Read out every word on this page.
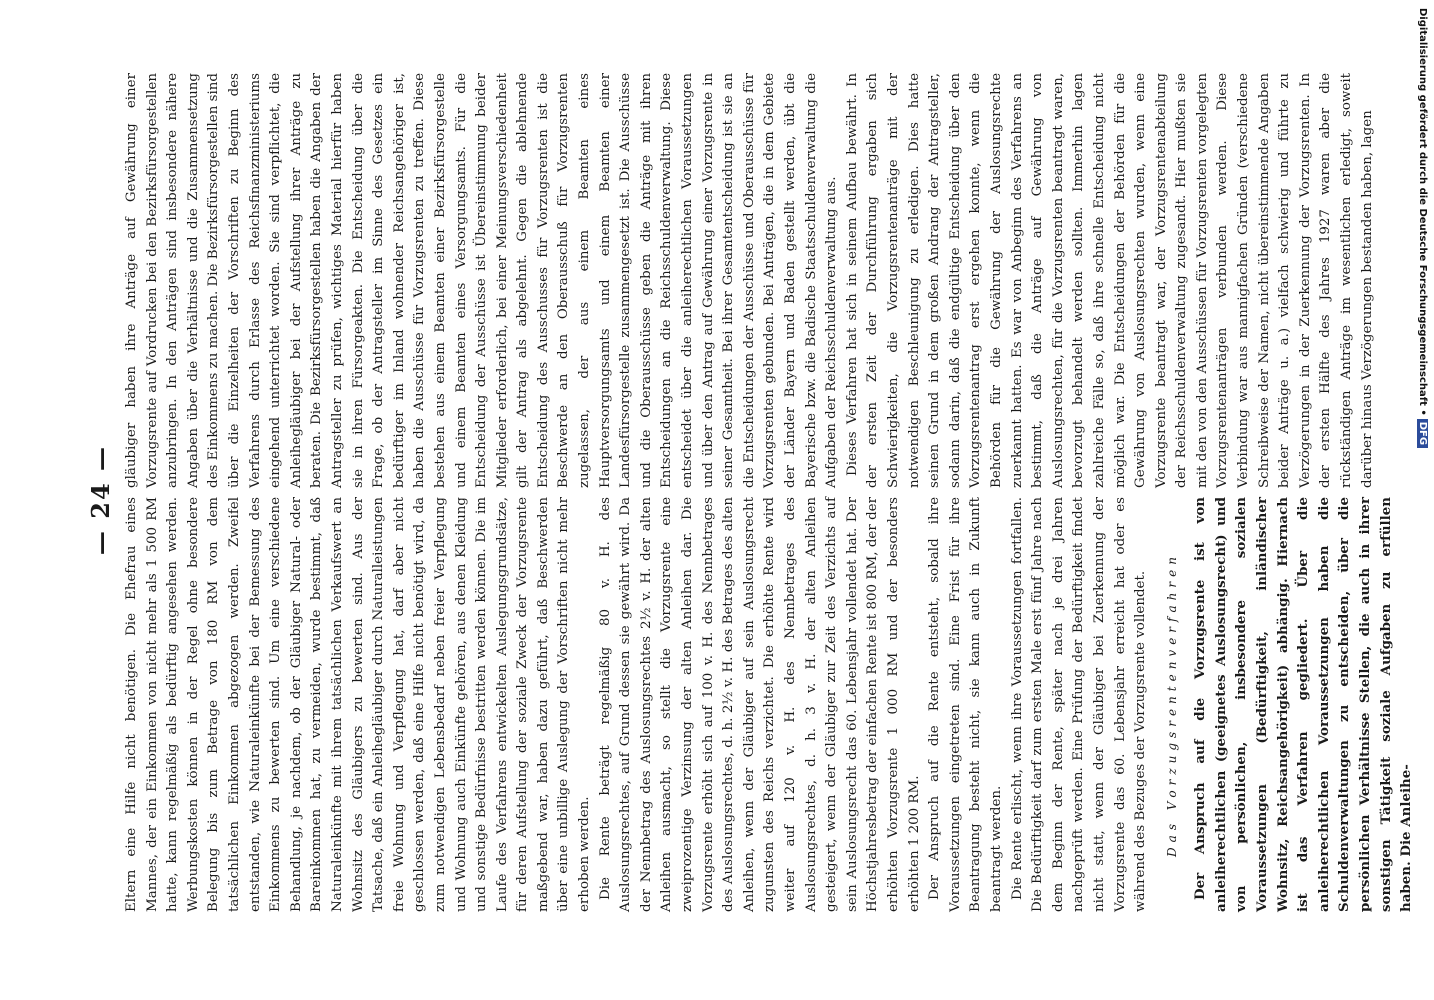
— 24 — Eltern eine Hilfe nicht benötigen. Die Ehefrau eines Mannes, der ein Einkommen von nicht mehr als 1 500 RM hatte, kann regelmäßig als bedürftig angesehen werden. Werbungskosten können in der Regel ohne besondere Belegung bis zum Betrage von 180 RM von dem tatsächlichen Einkommen abgezogen werden. Zweifel entstanden, wie Naturaleinkünfte bei der Bemessung des Einkommens zu bewerten sind. Um eine verschiedene Behandlung, je nachdem, ob der Gläubiger Natural- oder Bareinkommen hat, zu vermeiden, wurde bestimmt, daß Naturaleinkünfte mit ihrem tatsächlichen Verkaufswert an Wohnsitz des Gläubigers zu bewerten sind. Aus der Tatsache, daß ein Anleihegläubiger durch Naturalleistungen freie Wohnung und Verpflegung hat, darf aber nicht geschlossen werden, daß eine Hilfe nicht benötigt wird, da zum notwendigen Lebensbedarf neben freier Verpflegung und Wohnung auch Einkünfte gehören, aus denen Kleidung und sonstige Bedürfnisse bestritten werden können. Die im Laufe des Verfahrens entwickelten Auslegungsgrundsätze, für deren Aufstellung der soziale Zweck der Vorzugsrente maßgebend war, haben dazu geführt, daß Beschwerden über eine unbillige Auslegung der Vorschriften nicht mehr erhoben werden. Die Rente beträgt regelmäßig 80 v. H. des Auslosungsrechtes, auf Grund dessen sie gewährt wird. Da der Nennbetrag des Auslosungsrechtes 2½ v. H. der alten Anleihen ausmacht, so stellt die Vorzugsrente eine zweiprozentige Verzinsung der alten Anleihen dar. Die Vorzugsrente erhöht sich auf 100 v. H. des Nennbetrages des Auslosungsrechtes, d. h. 2½ v. H. des Betrages des alten Anleihen, wenn der Gläubiger auf sein Auslosungsrecht zugunsten des Reichs verzichtet. Die erhöhte Rente wird weiter auf 120 v. H. des Nennbetrages des Auslosungsrechtes, d. h. 3 v. H. der alten Anleihen gesteigert, wenn der Gläubiger zur Zeit des Verzichts auf sein Auslosungsrecht das 60. Lebensjahr vollendet hat. Der Höchstjahresbetrag der einfachen Rente ist 800 RM, der der erhöhten Vorzugsrente 1 000 RM und der besonders erhöhten 1 200 RM. Der Anspruch auf die Rente entsteht, sobald ihre Voraussetzungen eingetreten sind. Eine Frist für ihre Beantragung besteht nicht, sie kann auch in Zukunft beantragt werden. Die Rente erlischt, wenn ihre Voraussetzungen fortfallen. Die Bedürftigkeit darf zum ersten Male erst fünf Jahre nach dem Beginn der Rente, später nach je drei Jahren nachgeprüft werden. Eine Prüfung der Bedürftigkeit findet nicht statt, wenn der Gläubiger bei Zuerkennung der Vorzugsrente das 60. Lebensjahr erreicht hat oder es während des Bezuges der Vorzugsrente vollendet. Das Vorzugsrentenverfahren Der Anspruch auf die Vorzugsrente ist von anleiherechtlichen (geeignetes Auslosungsrecht) und von persönlichen, insbesondere sozialen Voraussetzungen (Bedürftigkeit, inländischer Wohnsitz, Reichsangehörigkeit) abhängig. Hiernach ist das Verfahren gegliedert. Über die anleiherechtlichen Voraussetzungen haben die Schuldenverwaltungen zu entscheiden, über die persönlichen Verhältnisse Stellen, die auch in ihrer sonstigen Tätigkeit soziale Aufgaben zu erfüllen haben. Die Anleihe-

gläubiger haben ihre Anträge auf Gewährung einer Vorzugsrente auf Vordrucken bei den Bezirksfürsorgestellen anzubringen. In den Anträgen sind insbesondere nähere Angaben über die Verhältnisse und die Zusammensetzung des Einkommens zu machen. Die Bezirksfürsorgestellen sind über die Einzelheiten der Vorschriften zu Beginn des Verfahrens durch Erlasse des Reichsfinanzministeriums eingehend unterrichtet worden. Sie sind verpflichtet, die Anleihegläubiger bei der Aufstellung ihrer Anträge zu beraten. Die Bezirksfürsorgestellen haben die Angaben der Antragsteller zu prüfen, wichtiges Material hierfür haben sie in ihren Fürsorgeakten. Die Entscheidung über die Frage, ob der Antragsteller im Sinne des Gesetzes ein bedürftiger im Inland wohnender Reichsangehöriger ist, haben die Ausschüsse für Vorzugsrenten zu treffen. Diese bestehen aus einem Beamten einer Bezirksfürsorgestelle und einem Beamten eines Versorgungsamts. Für die Entscheidung der Ausschüsse ist Übereinstimmung beider Mitglieder erforderlich, bei einer Meinungsverschiedenheit gilt der Antrag als abgelehnt. Gegen die ablehnende Entscheidung des Ausschusses für Vorzugsrenten ist die Beschwerde an den Oberausschuß für Vorzugsrenten zugelassen, der aus einem Beamten eines Hauptversorgungsamts und einem Beamten einer Landesfürsorgestelle zusammengesetzt ist. Die Ausschüsse und die Oberausschüsse geben die Anträge mit ihren Entscheidungen an die Reichsschuldenverwaltung. Diese entscheidet über die anleiherechtlichen Voraussetzungen und über den Antrag auf Gewährung einer Vorzugsrente in seiner Gesamtheit. Bei ihrer Gesamtentscheidung ist sie an die Entscheidungen der Ausschüsse und Oberausschüsse für Vorzugsrenten gebunden. Bei Anträgen, die in dem Gebiete der Länder Bayern und Baden gestellt werden, übt die Bayerische bzw. die Badische Staatsschuldenverwaltung die Aufgaben der Reichsschuldenverwaltung aus. Dieses Verfahren hat sich in seinem Aufbau bewährt. In der ersten Zeit der Durchführung ergaben sich Schwierigkeiten, die Vorzugsrentenanträge mit der notwendigen Beschleunigung zu erledigen. Dies hatte seinen Grund in dem großen Andrang der Antragsteller, sodann darin, daß die endgültige Entscheidung über den Vorzugsrentenantrag erst ergehen konnte, wenn die Behörden für die Gewährung der Auslosungsrechte zuerkannt hatten. Es war von Anbeginn des Verfahrens an bestimmt, daß die Anträge auf Gewährung von Auslosungsrechten, für die Vorzugsrenten beantragt waren, bevorzugt behandelt werden sollten. Immerhin lagen zahlreiche Fälle so, daß ihre schnelle Entscheidung nicht möglich war. Die Entscheidungen der Behörden für die Gewährung von Auslosungsrechten wurden, wenn eine Vorzugsrente beantragt war, der Vorzugsrentenabteilung der Reichsschuldenverwaltung zugesandt. Hier mußten sie mit den von den Ausschüssen für Vorzugsrenten vorgelegten Vorzugsrentenanträgen verbunden werden. Diese Verbindung war aus mannigfachen Gründen (verschiedene Schreibweise der Namen, nicht übereinstimmende Angaben beider Anträge u. a.) vielfach schwierig und führte zu Verzögerungen in der Zuerkennung der Vorzugsrenten. In der ersten Hälfte des Jahres 1927 waren aber die rückständigen Anträge im wesentlichen erledigt, soweit darüber hinaus Verzögerungen bestanden haben, lagen	Digitalisierung gefördert durch die Deutsche Forschungsgemeinschaft •DFG
